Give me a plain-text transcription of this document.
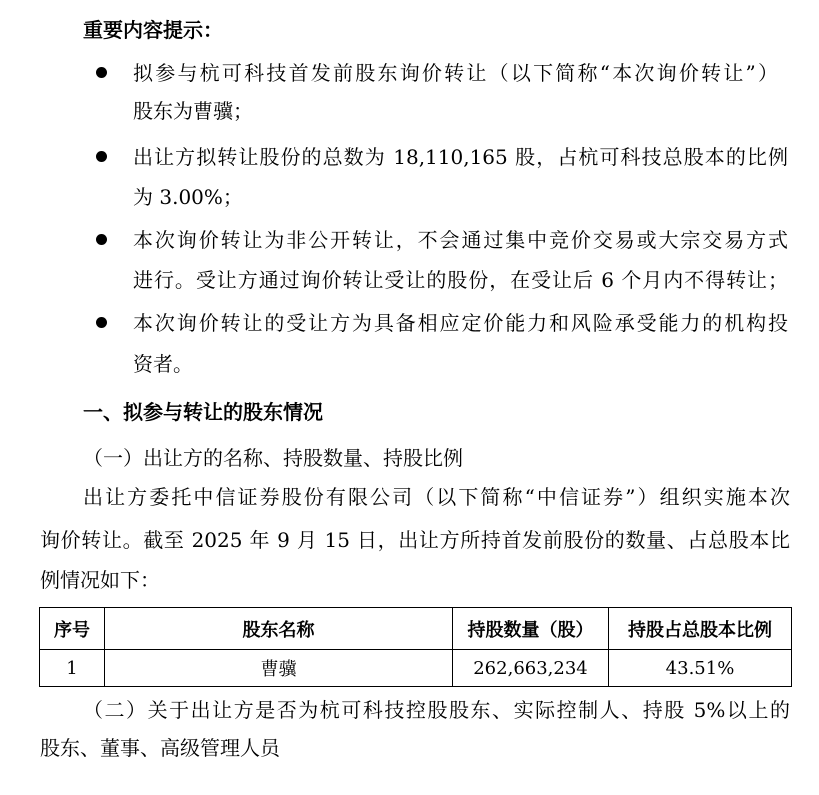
重要内容提示：
拟参与杭可科技首发前股东询价转让（以下简称“本次询价转让”）
股东为曹骥；
出让方拟转让股份的总数为 18,110,165 股，占杭可科技总股本的比例
为 3.00%；
本次询价转让为非公开转让，不会通过集中竞价交易或大宗交易方式
进行。受让方通过询价转让受让的股份，在受让后 6 个月内不得转让；
本次询价转让的受让方为具备相应定价能力和风险承受能力的机构投
资者。
一、拟参与转让的股东情况
（一）出让方的名称、持股数量、持股比例
出让方委托中信证券股份有限公司（以下简称“中信证券”）组织实施本次
询价转让。截至 2025 年 9 月 15 日，出让方所持首发前股份的数量、占总股本比
例情况如下：
序号	股东名称	持股数量（股）	持股占总股本比例
1	曹骥	262,663,234	43.51%
（二）关于出让方是否为杭可科技控股股东、实际控制人、持股 5%以上的
股东、董事、高级管理人员
